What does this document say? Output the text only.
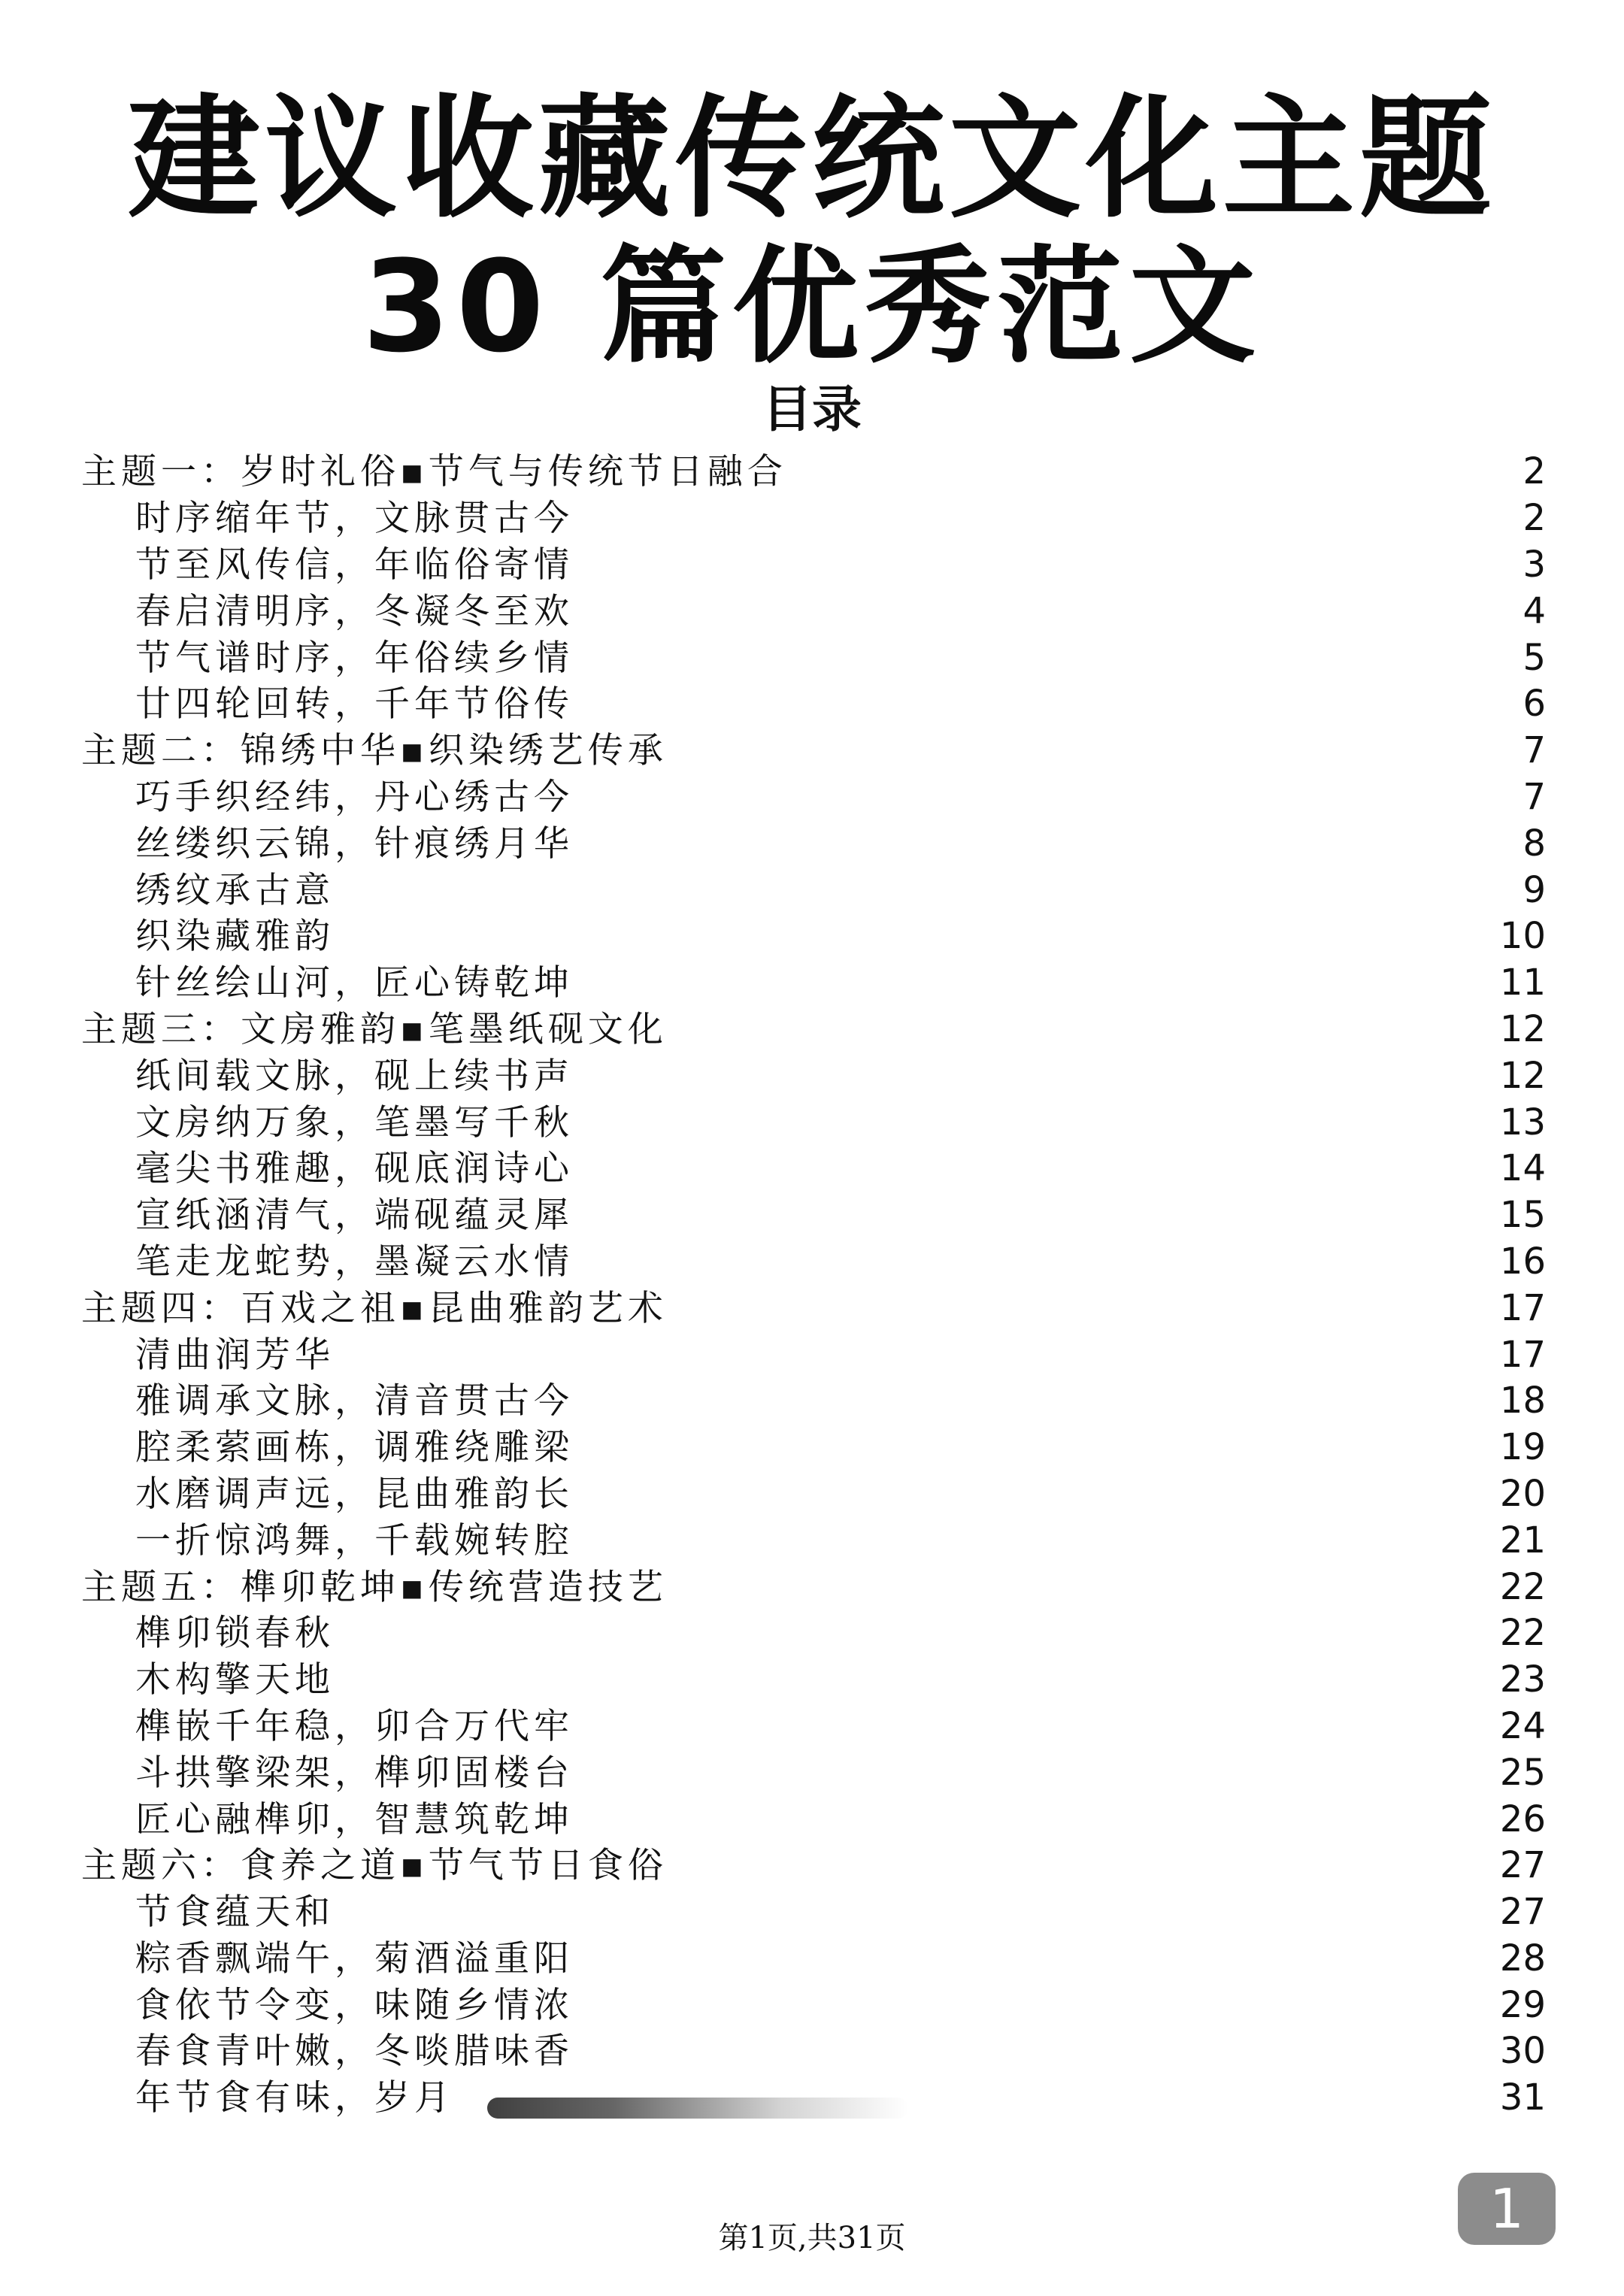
建议收藏传统文化主题
30 篇优秀范文
目录
主题一：岁时礼俗▪节气与传统节日融合	2
时序缩年节，文脉贯古今	2
节至风传信，年临俗寄情	3
春启清明序，冬凝冬至欢	4
节气谱时序，年俗续乡情	5
廿四轮回转，千年节俗传	6
主题二：锦绣中华▪织染绣艺传承	7
巧手织经纬，丹心绣古今	7
丝缕织云锦，针痕绣月华	8
绣纹承古意	9
织染藏雅韵	10
针丝绘山河，匠心铸乾坤	11
主题三：文房雅韵▪笔墨纸砚文化	12
纸间载文脉，砚上续书声	12
文房纳万象，笔墨写千秋	13
毫尖书雅趣，砚底润诗心	14
宣纸涵清气，端砚蕴灵犀	15
笔走龙蛇势，墨凝云水情	16
主题四：百戏之祖▪昆曲雅韵艺术	17
清曲润芳华	17
雅调承文脉，清音贯古今	18
腔柔萦画栋，调雅绕雕梁	19
水磨调声远，昆曲雅韵长	20
一折惊鸿舞，千载婉转腔	21
主题五：榫卯乾坤▪传统营造技艺	22
榫卯锁春秋	22
木构擎天地	23
榫嵌千年稳，卯合万代牢	24
斗拱擎梁架，榫卯固楼台	25
匠心融榫卯，智慧筑乾坤	26
主题六：食养之道▪节气节日食俗	27
节食蕴天和	27
粽香飘端午，菊酒溢重阳	28
食依节令变，味随乡情浓	29
春食青叶嫩，冬啖腊味香	30
年节食有味，岁月	31
第1页,共31页	1
